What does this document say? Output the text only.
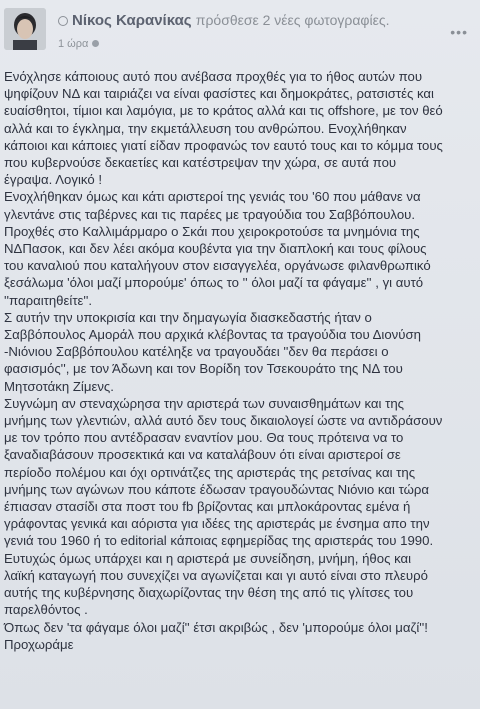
Νίκος Καρανίκας πρόσθεσε 2 νέες φωτογραφίες.
1 ώρα
•••

Ενόχλησε κάποιους αυτό που ανέβασα προχθές για το ήθος αυτών που

ψηφίζουν ΝΔ και ταιριάζει να είναι φασίστες και δημοκράτες, ρατσιστές και

ευαίσθητοι, τίμιοι και λαμόγια, με το κράτος αλλά και τις offshore, με τον θεό

αλλά και το έγκλημα, την εκμετάλλευση του ανθρώπου. Ενοχλήθηκαν

κάποιοι και κάποιες γιατί είδαν προφανώς τον εαυτό τους και το κόμμα τους

που κυβερνούσε δεκαετίες και κατέστρεψαν την χώρα, σε αυτά που

έγραψα. Λογικό !

Ενοχλήθηκαν όμως και κάτι αριστεροί της γενιάς του '60 που μάθανε να

γλεντάνε στις ταβέρνες και τις παρέες με τραγούδια του Σαββόπουλου.

Προχθές στο Καλλιμάρμαρο ο Σκάι που χειροκροτούσε τα μνημόνια της

ΝΔΠασοκ, και δεν λέει ακόμα κουβέντα για την διαπλοκή και τους φίλους

του καναλιού που καταλήγουν στον εισαγγελέα, οργάνωσε φιλανθρωπικό

ξεσάλωμα 'όλοι μαζί μπορούμε' όπως το '' όλοι μαζί τα φάγαμε'' , γι αυτό

''παραιτηθείτε''.

Σ αυτήν την υποκρισία και την δημαγωγία διασκεδαστής ήταν ο

Σαββόπουλος Αμοράλ που αρχικά κλέβοντας τα τραγούδια του Διονύση

-Νιόνιου Σαββόπουλου κατέληξε να τραγουδάει ''δεν θα περάσει ο

φασισμός'', με τον Άδωνη και τον Βορίδη τον Τσεκουράτο της ΝΔ του

Μητσοτάκη Ζίμενς.

Συγνώμη αν στεναχώρησα την αριστερά των συναισθημάτων και της

μνήμης των γλεντιών, αλλά αυτό δεν τους δικαιολογεί ώστε να αντιδράσουν

με τον τρόπο που αντέδρασαν εναντίον μου. Θα τους πρότεινα να το

ξαναδιαβάσουν προσεκτικά και να καταλάβουν ότι είναι αριστεροί σε

περίοδο πολέμου και όχι ορτινάτζες της αριστεράς της ρετσίνας και της

μνήμης των αγώνων που κάποτε έδωσαν τραγουδώντας Νιόνιο και τώρα

έπιασαν στασίδι στα ποστ του fb βρίζοντας και μπλοκάροντας εμένα ή

γράφοντας γενικά και αόριστα για ιδέες της αριστεράς με ένσημα απο την

γενιά του 1960 ή το editorial κάποιας εφημερίδας της αριστεράς του 1990.

Ευτυχώς όμως υπάρχει και η αριστερά με συνείδηση, μνήμη, ήθος και

λαϊκή καταγωγή που συνεχίζει να αγωνίζεται και γι αυτό είναι στο πλευρό

αυτής της κυβέρνησης διαχωρίζοντας την θέση της από τις γλίτσες του

παρελθόντος .

Όπως δεν 'τα φάγαμε όλοι μαζί'' έτσι ακριβώς , δεν 'μπορούμε όλοι μαζί''!

Προχωράμε
